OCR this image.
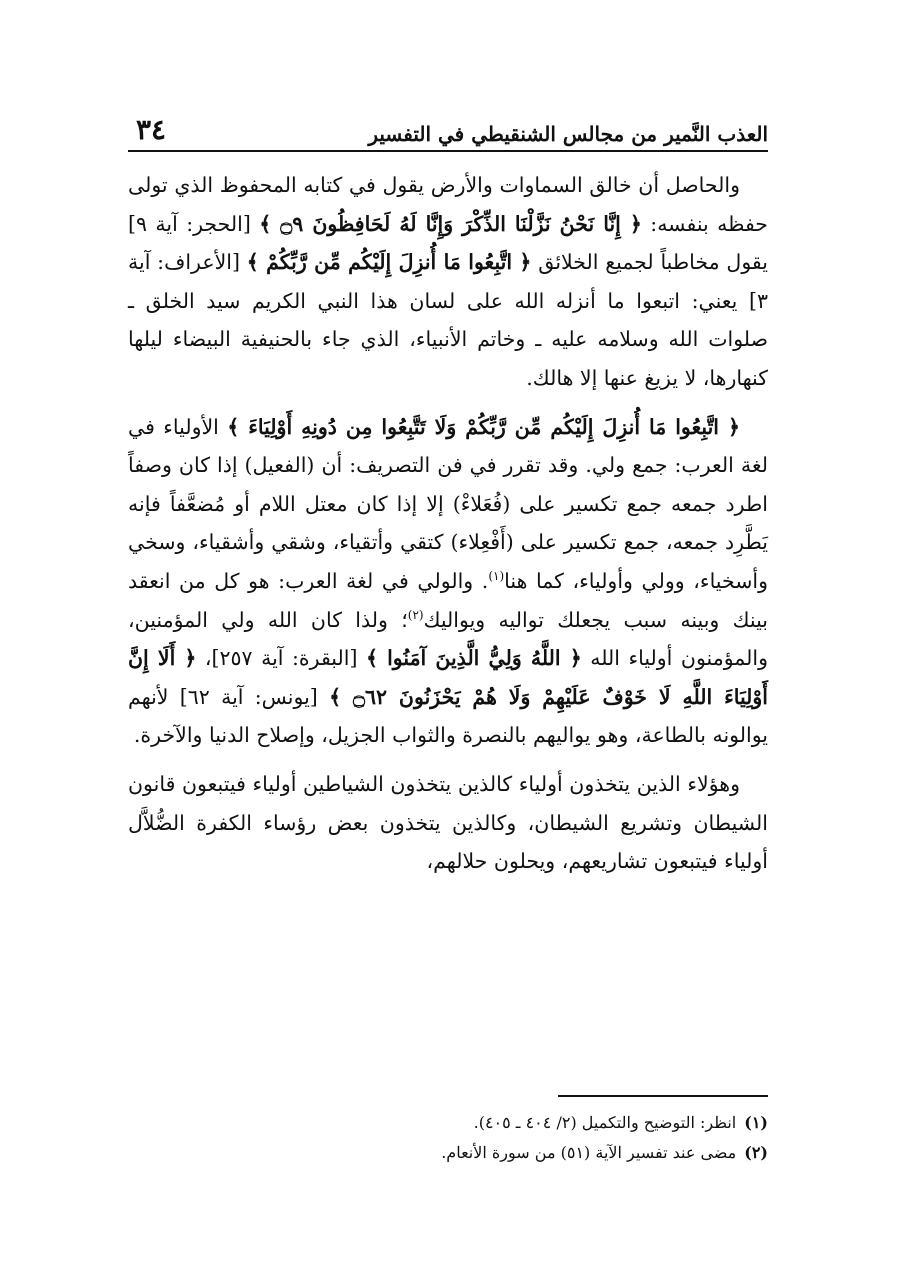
العذب النَّمير من مجالس الشنقيطي في التفسير
٣٤

والحاصل أن خالق السماوات والأرض يقول في كتابه المحفوظ الذي تولى حفظه بنفسه: ﴿ إِنَّا نَحْنُ نَزَّلْنَا الذِّكْرَ وَإِنَّا لَهُ لَحَافِظُونَ ۝٩ ﴾ [الحجر: آية ٩] يقول مخاطباً لجميع الخلائق ﴿ اتَّبِعُوا مَا أُنزِلَ إِلَيْكُم مِّن رَّبِّكُمْ ﴾ [الأعراف: آية ٣] يعني: اتبعوا ما أنزله الله على لسان هذا النبي الكريم سيد الخلق ـ صلوات الله وسلامه عليه ـ وخاتم الأنبياء، الذي جاء بالحنيفية البيضاء ليلها كنهارها، لا يزيغ عنها إلا هالك.

﴿ اتَّبِعُوا مَا أُنزِلَ إِلَيْكُم مِّن رَّبِّكُمْ وَلَا تَتَّبِعُوا مِن دُونِهِ أَوْلِيَاءَ ﴾ الأولياء في لغة العرب: جمع ولي. وقد تقرر في فن التصريف: أن (الفعيل) إذا كان وصفاً اطرد جمعه جمع تكسير على (فُعَلاءْ) إلا إذا كان معتل اللام أو مُضعَّفاً فإنه يَطَّرِد جمعه، جمع تكسير على (أَفْعِلاء) كتقي وأتقياء، وشقي وأشقياء، وسخي وأسخياء، وولي وأولياء، كما هنا$^{(١)}$. والولي في لغة العرب: هو كل من انعقد بينك وبينه سبب يجعلك تواليه ويواليك$^{(٢)}$؛ ولذا كان الله ولي المؤمنين، والمؤمنون أولياء الله ﴿ اللَّهُ وَلِيُّ الَّذِينَ آمَنُوا ﴾ [البقرة: آية ٢٥٧]، ﴿ أَلَا إِنَّ أَوْلِيَاءَ اللَّهِ لَا خَوْفٌ عَلَيْهِمْ وَلَا هُمْ يَحْزَنُونَ ۝٦٢ ﴾ [يونس: آية ٦٢] لأنهم يوالونه بالطاعة، وهو يواليهم بالنصرة والثواب الجزيل، وإصلاح الدنيا والآخرة.

وهؤلاء الذين يتخذون أولياء كالذين يتخذون الشياطين أولياء فيتبعون قانون الشيطان وتشريع الشيطان، وكالذين يتخذون بعض رؤساء الكفرة الضُّلاَّل أولياء فيتبعون تشاريعهم، ويحلون حلالهم،

(١)انظر: التوضيح والتكميل (٢/ ٤٠٤ ـ ٤٠٥).

(٢)مضى عند تفسير الآية (٥١) من سورة الأنعام.
